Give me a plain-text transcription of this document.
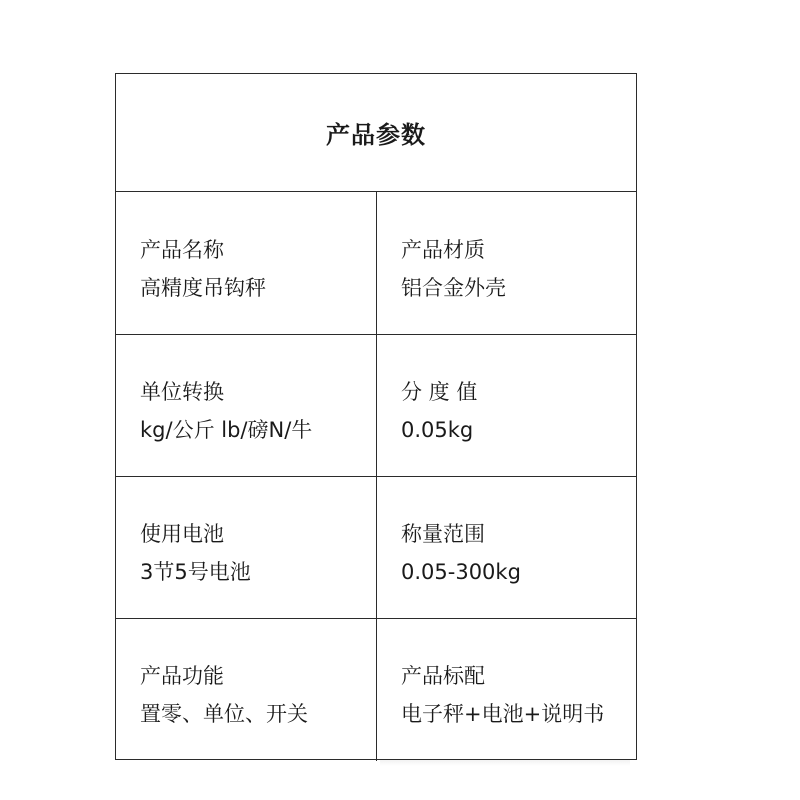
产品参数
产品名称
高精度吊钩秤
产品材质
铝合金外壳
单位转换
kg/公斤 lb/磅N/牛
分 度 值
0.05kg
使用电池
3节5号电池
称量范围
0.05-300kg
产品功能
置零、单位、开关
产品标配
电子秤+电池+说明书
